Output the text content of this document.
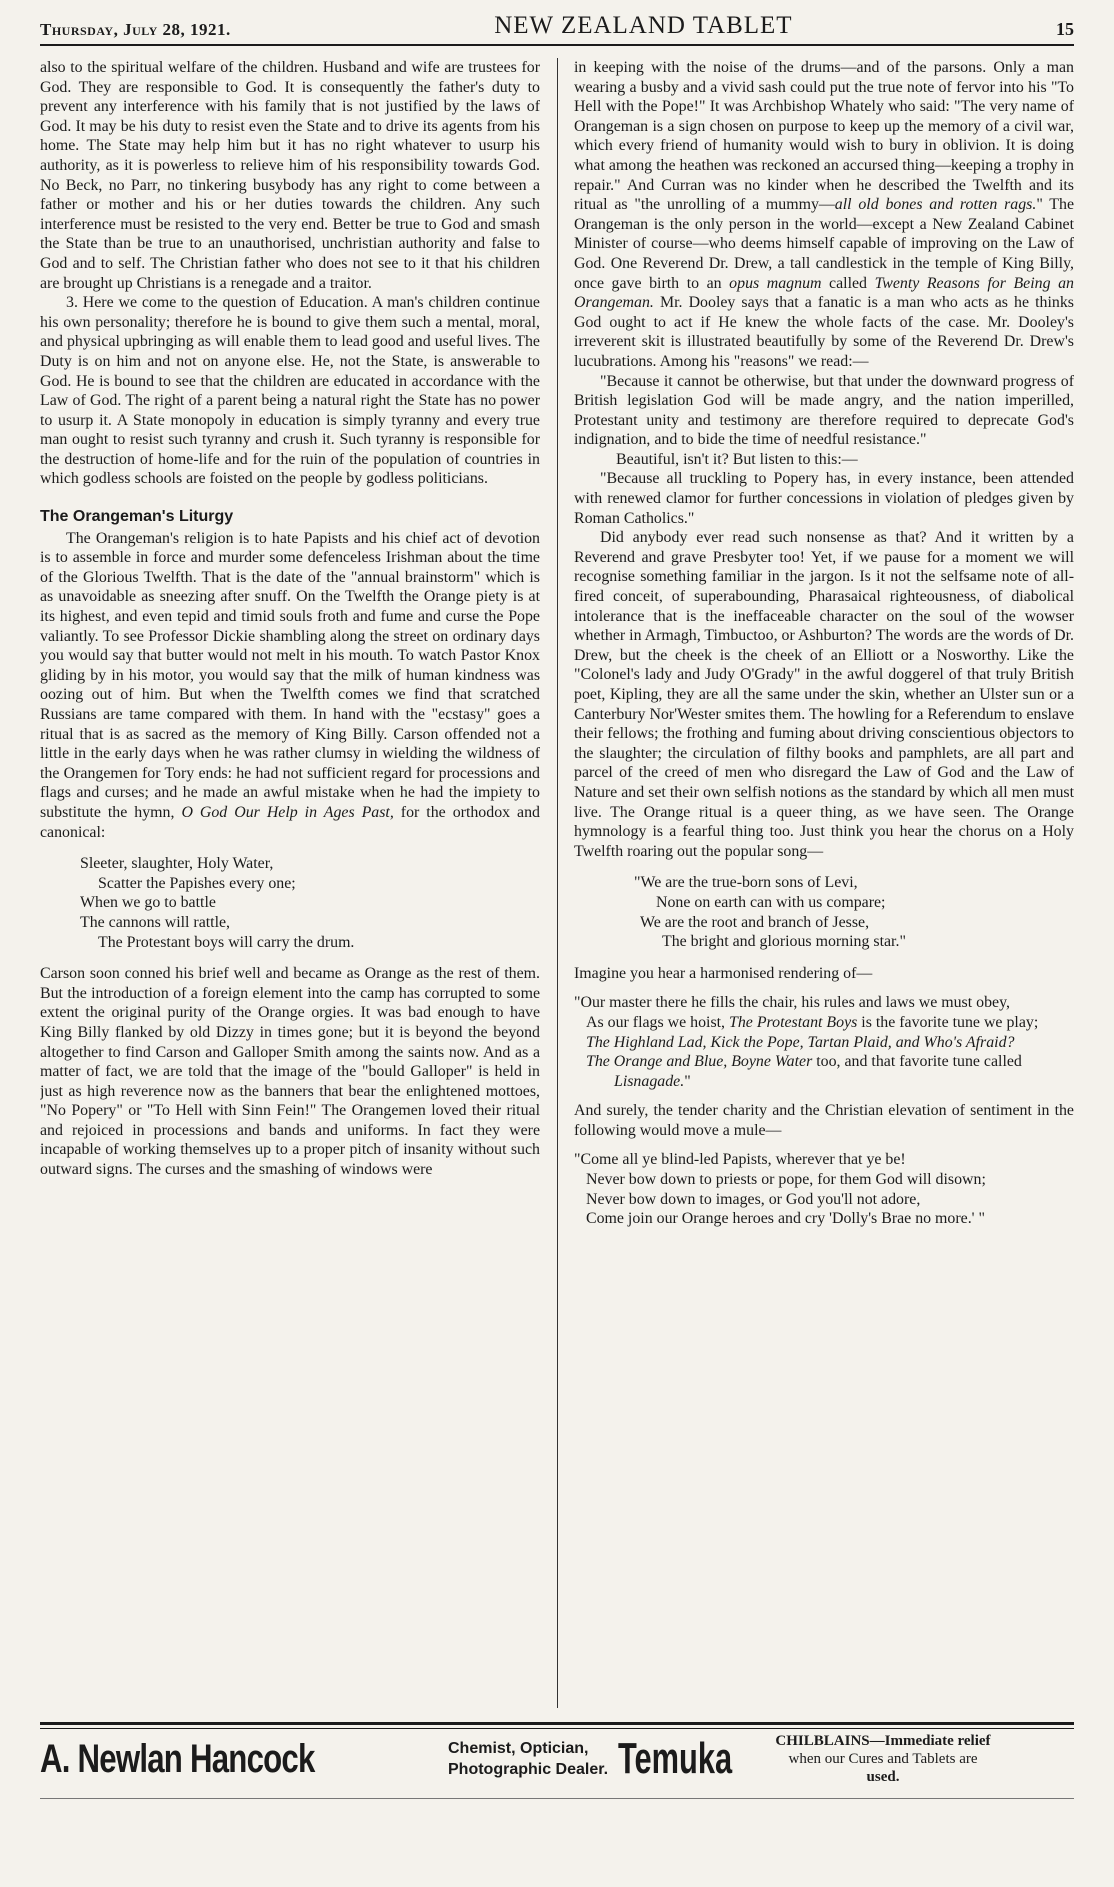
Thursday, July 28, 1921.	NEW ZEALAND TABLET	15

also to the spiritual welfare of the children. Husband and wife are trustees for God. They are responsible to God. It is consequently the father's duty to prevent any interference with his family that is not justified by the laws of God. It may be his duty to resist even the State and to drive its agents from his home. The State may help him but it has no right whatever to usurp his authority, as it is powerless to relieve him of his responsibility towards God. No Beck, no Parr, no tinkering busybody has any right to come between a father or mother and his or her duties towards the children. Any such interference must be resisted to the very end. Better be true to God and smash the State than be true to an unauthorised, unchristian authority and false to God and to self. The Christian father who does not see to it that his children are brought up Christians is a renegade and a traitor.

3. Here we come to the question of Education. A man's children continue his own personality; therefore he is bound to give them such a mental, moral, and physical upbringing as will enable them to lead good and useful lives. The Duty is on him and not on anyone else. He, not the State, is answerable to God. He is bound to see that the children are educated in accordance with the Law of God. The right of a parent being a natural right the State has no power to usurp it. A State monopoly in education is simply tyranny and every true man ought to resist such tyranny and crush it. Such tyranny is responsible for the destruction of home-life and for the ruin of the population of countries in which godless schools are foisted on the people by godless politicians.

The Orangeman's Liturgy

The Orangeman's religion is to hate Papists and his chief act of devotion is to assemble in force and murder some defenceless Irishman about the time of the Glorious Twelfth. That is the date of the "annual brainstorm" which is as unavoidable as sneezing after snuff. On the Twelfth the Orange piety is at its highest, and even tepid and timid souls froth and fume and curse the Pope valiantly. To see Professor Dickie shambling along the street on ordinary days you would say that butter would not melt in his mouth. To watch Pastor Knox gliding by in his motor, you would say that the milk of human kindness was oozing out of him. But when the Twelfth comes we find that scratched Russians are tame compared with them. In hand with the "ecstasy" goes a ritual that is as sacred as the memory of King Billy. Carson offended not a little in the early days when he was rather clumsy in wielding the wildness of the Orangemen for Tory ends: he had not sufficient regard for processions and flags and curses; and he made an awful mistake when he had the impiety to substitute the hymn, O God Our Help in Ages Past, for the orthodox and canonical:

Sleeter, slaughter, Holy Water,
Scatter the Papishes every one;
When we go to battle
The cannons will rattle,
The Protestant boys will carry the drum.

Carson soon conned his brief well and became as Orange as the rest of them. But the introduction of a foreign element into the camp has corrupted to some extent the original purity of the Orange orgies. It was bad enough to have King Billy flanked by old Dizzy in times gone; but it is beyond the beyond altogether to find Carson and Galloper Smith among the saints now. And as a matter of fact, we are told that the image of the "bould Galloper" is held in just as high reverence now as the banners that bear the enlightened mottoes, "No Popery" or "To Hell with Sinn Fein!" The Orangemen loved their ritual and rejoiced in processions and bands and uniforms. In fact they were incapable of working themselves up to a proper pitch of insanity without such outward signs. The curses and the smashing of windows were

in keeping with the noise of the drums—and of the parsons. Only a man wearing a busby and a vivid sash could put the true note of fervor into his "To Hell with the Pope!" It was Archbishop Whately who said: "The very name of Orangeman is a sign chosen on purpose to keep up the memory of a civil war, which every friend of humanity would wish to bury in oblivion. It is doing what among the heathen was reckoned an accursed thing—keeping a trophy in repair." And Curran was no kinder when he described the Twelfth and its ritual as "the unrolling of a mummy—all old bones and rotten rags." The Orangeman is the only person in the world—except a New Zealand Cabinet Minister of course—who deems himself capable of improving on the Law of God. One Reverend Dr. Drew, a tall candlestick in the temple of King Billy, once gave birth to an opus magnum called Twenty Reasons for Being an Orangeman. Mr. Dooley says that a fanatic is a man who acts as he thinks God ought to act if He knew the whole facts of the case. Mr. Dooley's irreverent skit is illustrated beautifully by some of the Reverend Dr. Drew's lucubrations. Among his "reasons" we read:—

"Because it cannot be otherwise, but that under the downward progress of British legislation God will be made angry, and the nation imperilled, Protestant unity and testimony are therefore required to deprecate God's indignation, and to bide the time of needful resistance."

Beautiful, isn't it? But listen to this:—

"Because all truckling to Popery has, in every instance, been attended with renewed clamor for further concessions in violation of pledges given by Roman Catholics."

Did anybody ever read such nonsense as that? And it written by a Reverend and grave Presbyter too! Yet, if we pause for a moment we will recognise something familiar in the jargon. Is it not the selfsame note of all-fired conceit, of superabounding, Pharasaical righteousness, of diabolical intolerance that is the ineffaceable character on the soul of the wowser whether in Armagh, Timbuctoo, or Ashburton? The words are the words of Dr. Drew, but the cheek is the cheek of an Elliott or a Nosworthy. Like the "Colonel's lady and Judy O'Grady" in the awful doggerel of that truly British poet, Kipling, they are all the same under the skin, whether an Ulster sun or a Canterbury Nor'Wester smites them. The howling for a Referendum to enslave their fellows; the frothing and fuming about driving conscientious objectors to the slaughter; the circulation of filthy books and pamphlets, are all part and parcel of the creed of men who disregard the Law of God and the Law of Nature and set their own selfish notions as the standard by which all men must live. The Orange ritual is a queer thing, as we have seen. The Orange hymnology is a fearful thing too. Just think you hear the chorus on a Holy Twelfth roaring out the popular song—

"We are the true-born sons of Levi,
None on earth can with us compare;
We are the root and branch of Jesse,
The bright and glorious morning star."

Imagine you hear a harmonised rendering of—

"Our master there he fills the chair, his rules and laws we must obey,

As our flags we hoist, The Protestant Boys is the favorite tune we play;

The Highland Lad, Kick the Pope, Tartan Plaid, and Who's Afraid?

The Orange and Blue, Boyne Water too, and that favorite tune called Lisnagade."

And surely, the tender charity and the Christian elevation of sentiment in the following would move a mule—

"Come all ye blind-led Papists, wherever that ye be!

Never bow down to priests or pope, for them God will disown;

Never bow down to images, or God you'll not adore,

Come join our Orange heroes and cry 'Dolly's Brae no more.' "

A. Newlan Hancock	Chemist, Optician,
Photographic Dealer. Temuka	CHILBLAINS—Immediate relief
when our Cures and Tablets are
used.
